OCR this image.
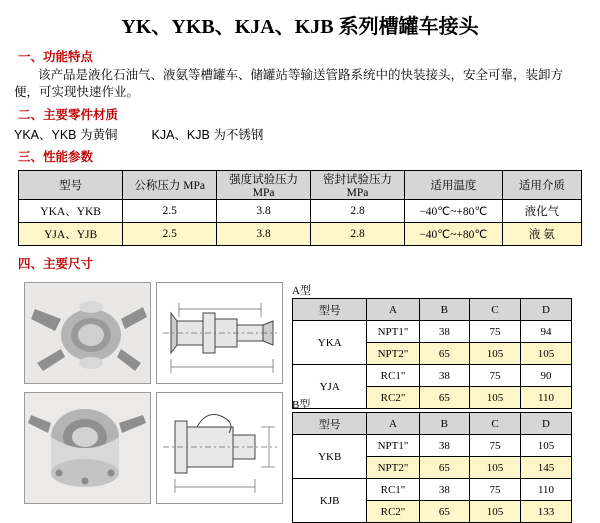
YK、YKB、KJA、KJB 系列槽罐车接头
一、功能特点
该产品是液化石油气、液氨等槽罐车、储罐站等输送管路系统中的快装接头，安全可靠，装卸方便，可实现快速作业。
二、主要零件材质
YKA、YKB 为黄铜	KJA、KJB 为不锈钢
三、性能参数
型号	公称压力 MPa	强度试验压力 MPa	密封试验压力 MPa	适用温度	适用介质
YKA、YKB	2.5	3.8	2.8	−40℃~+80℃	液化气
YJA、YJB	2.5	3.8	2.8	−40℃~+80℃	液 氨
四、主要尺寸
A型
型号	A	B	C	D
YKA	NPT1"	38	75	94
	NPT2"	65	105	105
YJA	RC1"	38	75	90
	RC2"	65	105	110
B型
型号	A	B	C	D
YKB	NPT1"	38	75	105
	NPT2"	65	105	145
KJB	RC1"	38	75	110
	RC2"	65	105	133
